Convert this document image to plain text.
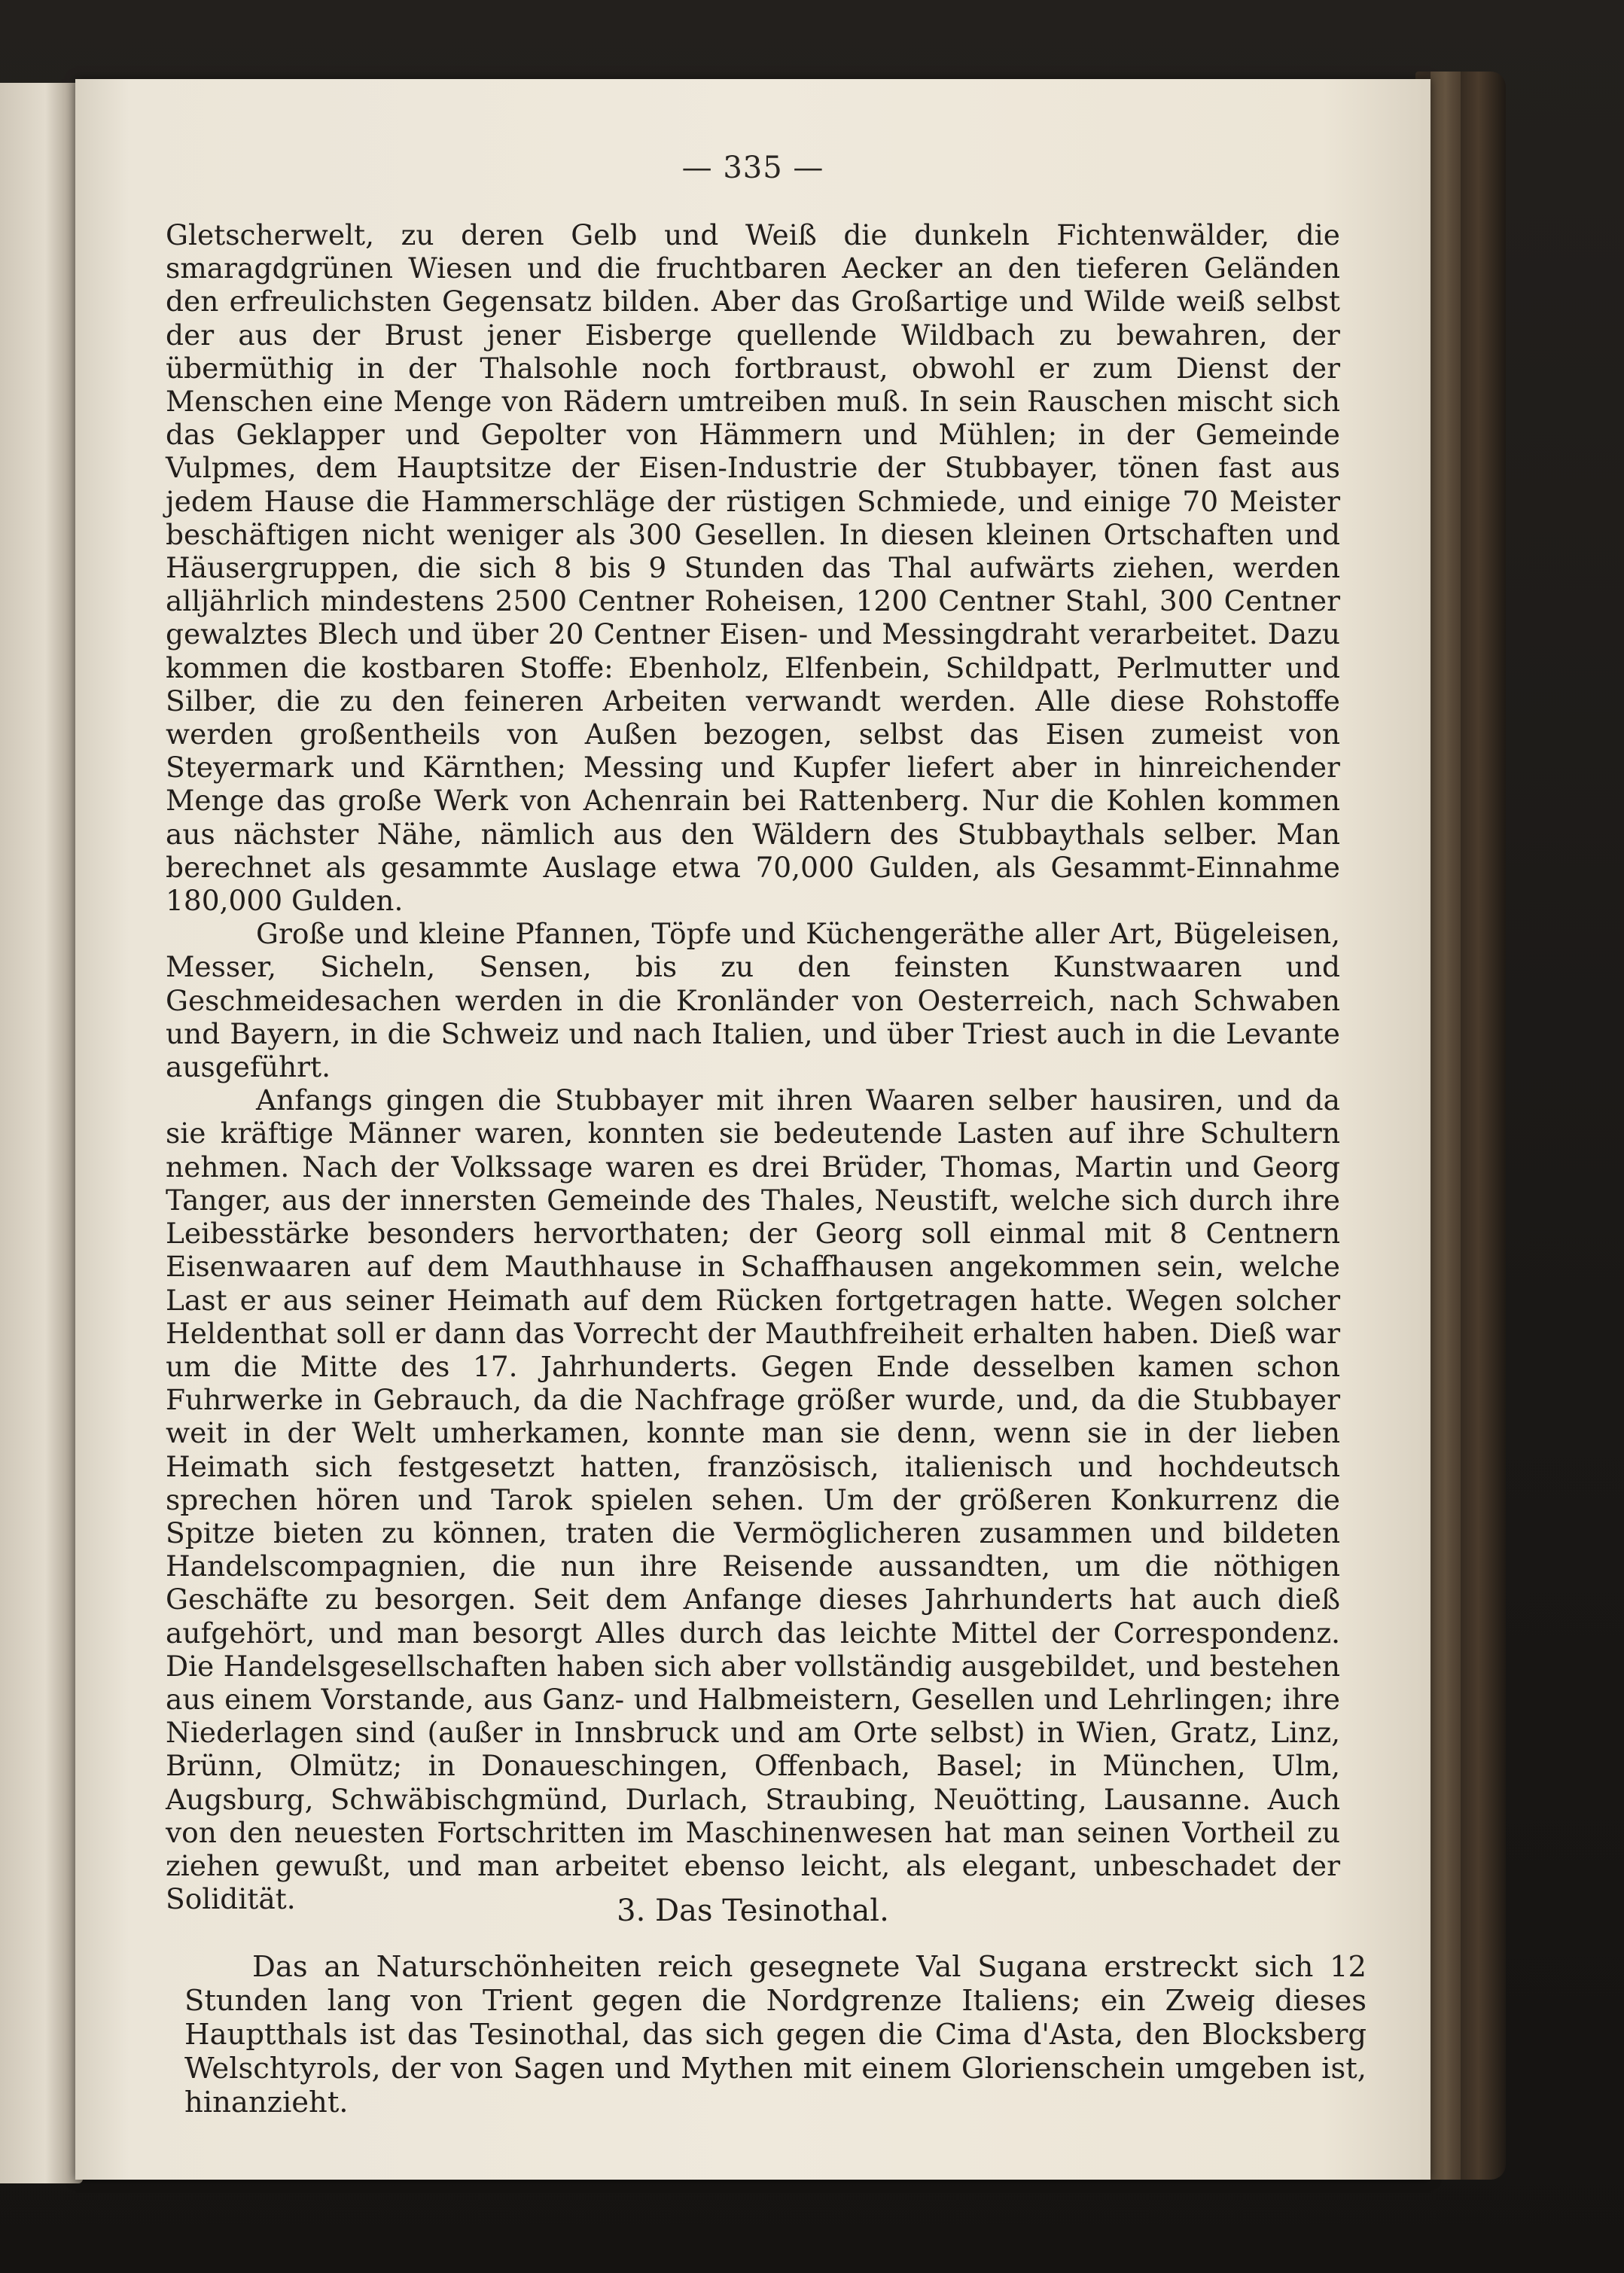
— 335 —

Gletscherwelt, zu deren Gelb und Weiß die dunkeln Fichtenwälder, die smaragdgrünen Wiesen und die fruchtbaren Aecker an den tieferen Geländen den erfreulichsten Gegensatz bilden. Aber das Großartige und Wilde weiß selbst der aus der Brust jener Eisberge quellende Wildbach zu bewahren, der übermüthig in der Thalsohle noch fortbraust, obwohl er zum Dienst der Menschen eine Menge von Rädern umtreiben muß. In sein Rauschen mischt sich das Geklapper und Gepolter von Hämmern und Mühlen; in der Gemeinde Vulpmes, dem Hauptsitze der Eisen-Industrie der Stubbayer, tönen fast aus jedem Hause die Hammerschläge der rüstigen Schmiede, und einige 70 Meister beschäftigen nicht weniger als 300 Gesellen. In diesen kleinen Ortschaften und Häusergruppen, die sich 8 bis 9 Stunden das Thal aufwärts ziehen, werden alljährlich mindestens 2500 Centner Roheisen, 1200 Centner Stahl, 300 Centner gewalztes Blech und über 20 Centner Eisen- und Messingdraht verarbeitet. Dazu kommen die kostbaren Stoffe: Ebenholz, Elfenbein, Schildpatt, Perlmutter und Silber, die zu den feineren Arbeiten verwandt werden. Alle diese Rohstoffe werden großentheils von Außen bezogen, selbst das Eisen zumeist von Steyermark und Kärnthen; Messing und Kupfer liefert aber in hinreichender Menge das große Werk von Achenrain bei Rattenberg. Nur die Kohlen kommen aus nächster Nähe, nämlich aus den Wäldern des Stubbaythals selber. Man berechnet als gesammte Auslage etwa 70,000 Gulden, als Gesammt-Einnahme 180,000 Gulden.

Große und kleine Pfannen, Töpfe und Küchengeräthe aller Art, Bügeleisen, Messer, Sicheln, Sensen, bis zu den feinsten Kunstwaaren und Geschmeidesachen werden in die Kronländer von Oesterreich, nach Schwaben und Bayern, in die Schweiz und nach Italien, und über Triest auch in die Levante ausgeführt.

Anfangs gingen die Stubbayer mit ihren Waaren selber hausiren, und da sie kräftige Männer waren, konnten sie bedeutende Lasten auf ihre Schultern nehmen. Nach der Volkssage waren es drei Brüder, Thomas, Martin und Georg Tanger, aus der innersten Gemeinde des Thales, Neustift, welche sich durch ihre Leibesstärke besonders hervorthaten; der Georg soll einmal mit 8 Centnern Eisenwaaren auf dem Mauthhause in Schaffhausen angekommen sein, welche Last er aus seiner Heimath auf dem Rücken fortgetragen hatte. Wegen solcher Heldenthat soll er dann das Vorrecht der Mauthfreiheit erhalten haben. Dieß war um die Mitte des 17. Jahrhunderts. Gegen Ende desselben kamen schon Fuhrwerke in Gebrauch, da die Nachfrage größer wurde, und, da die Stubbayer weit in der Welt umherkamen, konnte man sie denn, wenn sie in der lieben Heimath sich festgesetzt hatten, französisch, italienisch und hochdeutsch sprechen hören und Tarok spielen sehen. Um der größeren Konkurrenz die Spitze bieten zu können, traten die Vermöglicheren zusammen und bildeten Handelscompagnien, die nun ihre Reisende aussandten, um die nöthigen Geschäfte zu besorgen. Seit dem Anfange dieses Jahrhunderts hat auch dieß aufgehört, und man besorgt Alles durch das leichte Mittel der Correspondenz. Die Handelsgesellschaften haben sich aber vollständig ausgebildet, und bestehen aus einem Vorstande, aus Ganz- und Halbmeistern, Gesellen und Lehrlingen; ihre Niederlagen sind (außer in Innsbruck und am Orte selbst) in Wien, Gratz, Linz, Brünn, Olmütz; in Donaueschingen, Offenbach, Basel; in München, Ulm, Augsburg, Schwäbischgmünd, Durlach, Straubing, Neuötting, Lausanne. Auch von den neuesten Fortschritten im Maschinenwesen hat man seinen Vortheil zu ziehen gewußt, und man arbeitet ebenso leicht, als elegant, unbeschadet der Solidität.	3. Das Tesinothal.

Das an Naturschönheiten reich gesegnete Val Sugana erstreckt sich 12 Stunden lang von Trient gegen die Nordgrenze Italiens; ein Zweig dieses Hauptthals ist das Tesinothal, das sich gegen die Cima d'Asta, den Blocksberg Welschtyrols, der von Sagen und Mythen mit einem Glorienschein umgeben ist, hinanzieht.
